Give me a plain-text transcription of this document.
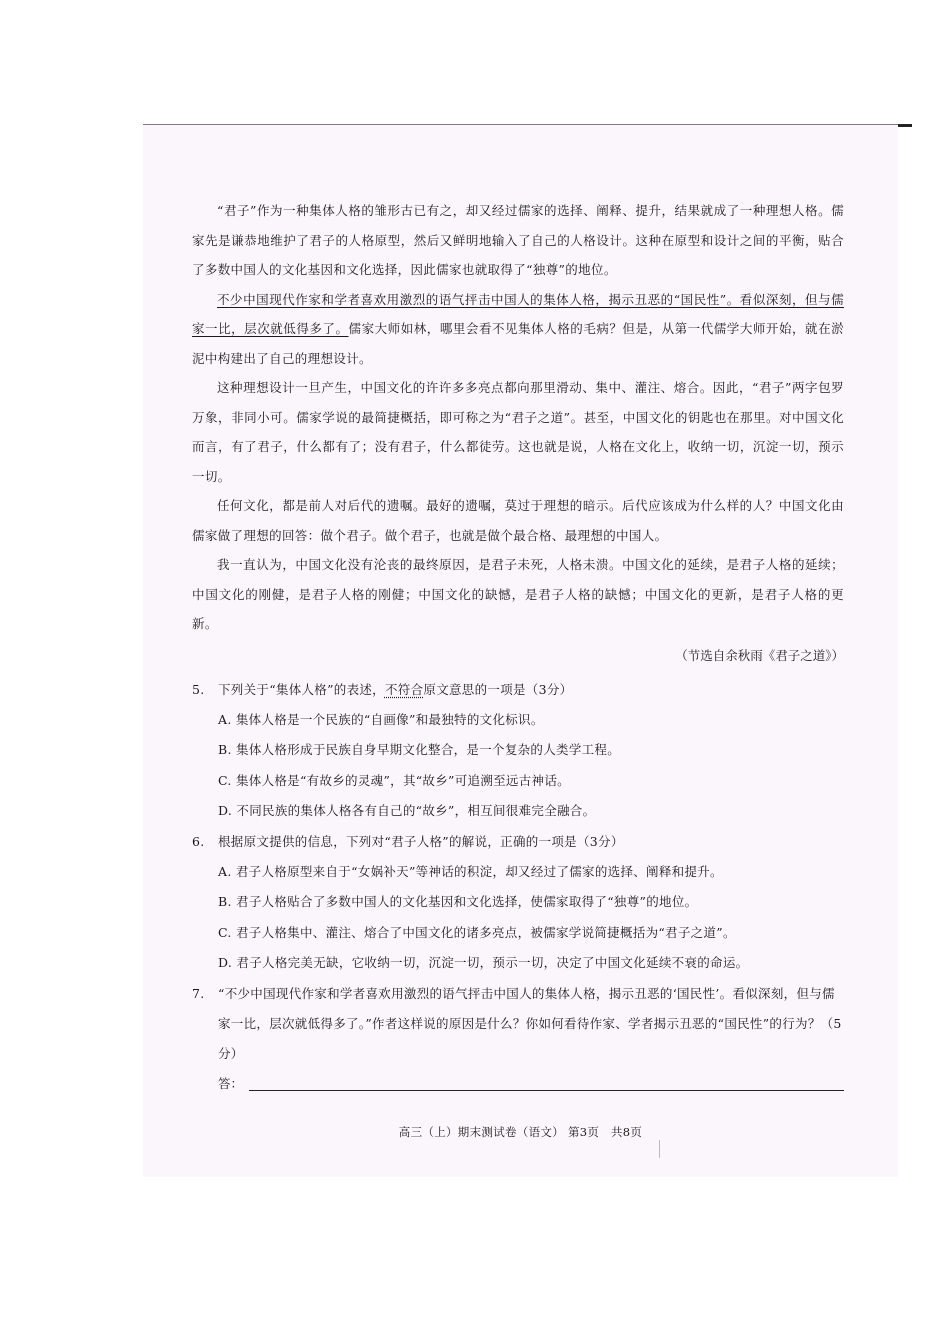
“君子”作为一种集体人格的雏形古已有之，却又经过儒家的选择、阐释、提升，结果就成了一种理想人格。儒家先是谦恭地维护了君子的人格原型，然后又鲜明地输入了自己的人格设计。这种在原型和设计之间的平衡，贴合了多数中国人的文化基因和文化选择，因此儒家也就取得了“独尊”的地位。

不少中国现代作家和学者喜欢用激烈的语气抨击中国人的集体人格，揭示丑恶的“国民性”。看似深刻，但与儒家一比，层次就低得多了。儒家大师如林，哪里会看不见集体人格的毛病？但是，从第一代儒学大师开始，就在淤泥中构建出了自己的理想设计。

这种理想设计一旦产生，中国文化的许许多多亮点都向那里滑动、集中、灌注、熔合。因此，“君子”两字包罗万象，非同小可。儒家学说的最简捷概括，即可称之为“君子之道”。甚至，中国文化的钥匙也在那里。对中国文化而言，有了君子，什么都有了；没有君子，什么都徒劳。这也就是说，人格在文化上，收纳一切，沉淀一切，预示一切。

任何文化，都是前人对后代的遗嘱。最好的遗嘱，莫过于理想的暗示。后代应该成为什么样的人？中国文化由儒家做了理想的回答：做个君子。做个君子，也就是做个最合格、最理想的中国人。

我一直认为，中国文化没有沦丧的最终原因，是君子未死，人格未溃。中国文化的延续，是君子人格的延续；中国文化的刚健，是君子人格的刚健；中国文化的缺憾，是君子人格的缺憾；中国文化的更新，是君子人格的更新。

（节选自余秋雨《君子之道》）
5. 下列关于“集体人格”的表述，不符合原文意思的一项是（3分）
A. 集体人格是一个民族的“自画像”和最独特的文化标识。
B. 集体人格形成于民族自身早期文化整合，是一个复杂的人类学工程。
C. 集体人格是“有故乡的灵魂”，其“故乡”可追溯至远古神话。
D. 不同民族的集体人格各有自己的“故乡”，相互间很难完全融合。
6. 根据原文提供的信息，下列对“君子人格”的解说，正确的一项是（3分）
A. 君子人格原型来自于“女娲补天”等神话的积淀，却又经过了儒家的选择、阐释和提升。
B. 君子人格贴合了多数中国人的文化基因和文化选择，使儒家取得了“独尊”的地位。
C. 君子人格集中、灌注、熔合了中国文化的诸多亮点，被儒家学说简捷概括为“君子之道”。
D. 君子人格完美无缺，它收纳一切，沉淀一切，预示一切，决定了中国文化延续不衰的命运。
7. “不少中国现代作家和学者喜欢用激烈的语气抨击中国人的集体人格，揭示丑恶的‘国民性’。看似深刻，但与儒家一比，层次就低得多了。”作者这样说的原因是什么？你如何看待作家、学者揭示丑恶的“国民性”的行为？（5分）
答：
高三（上）期末测试卷（语文） 第3页　共8页
